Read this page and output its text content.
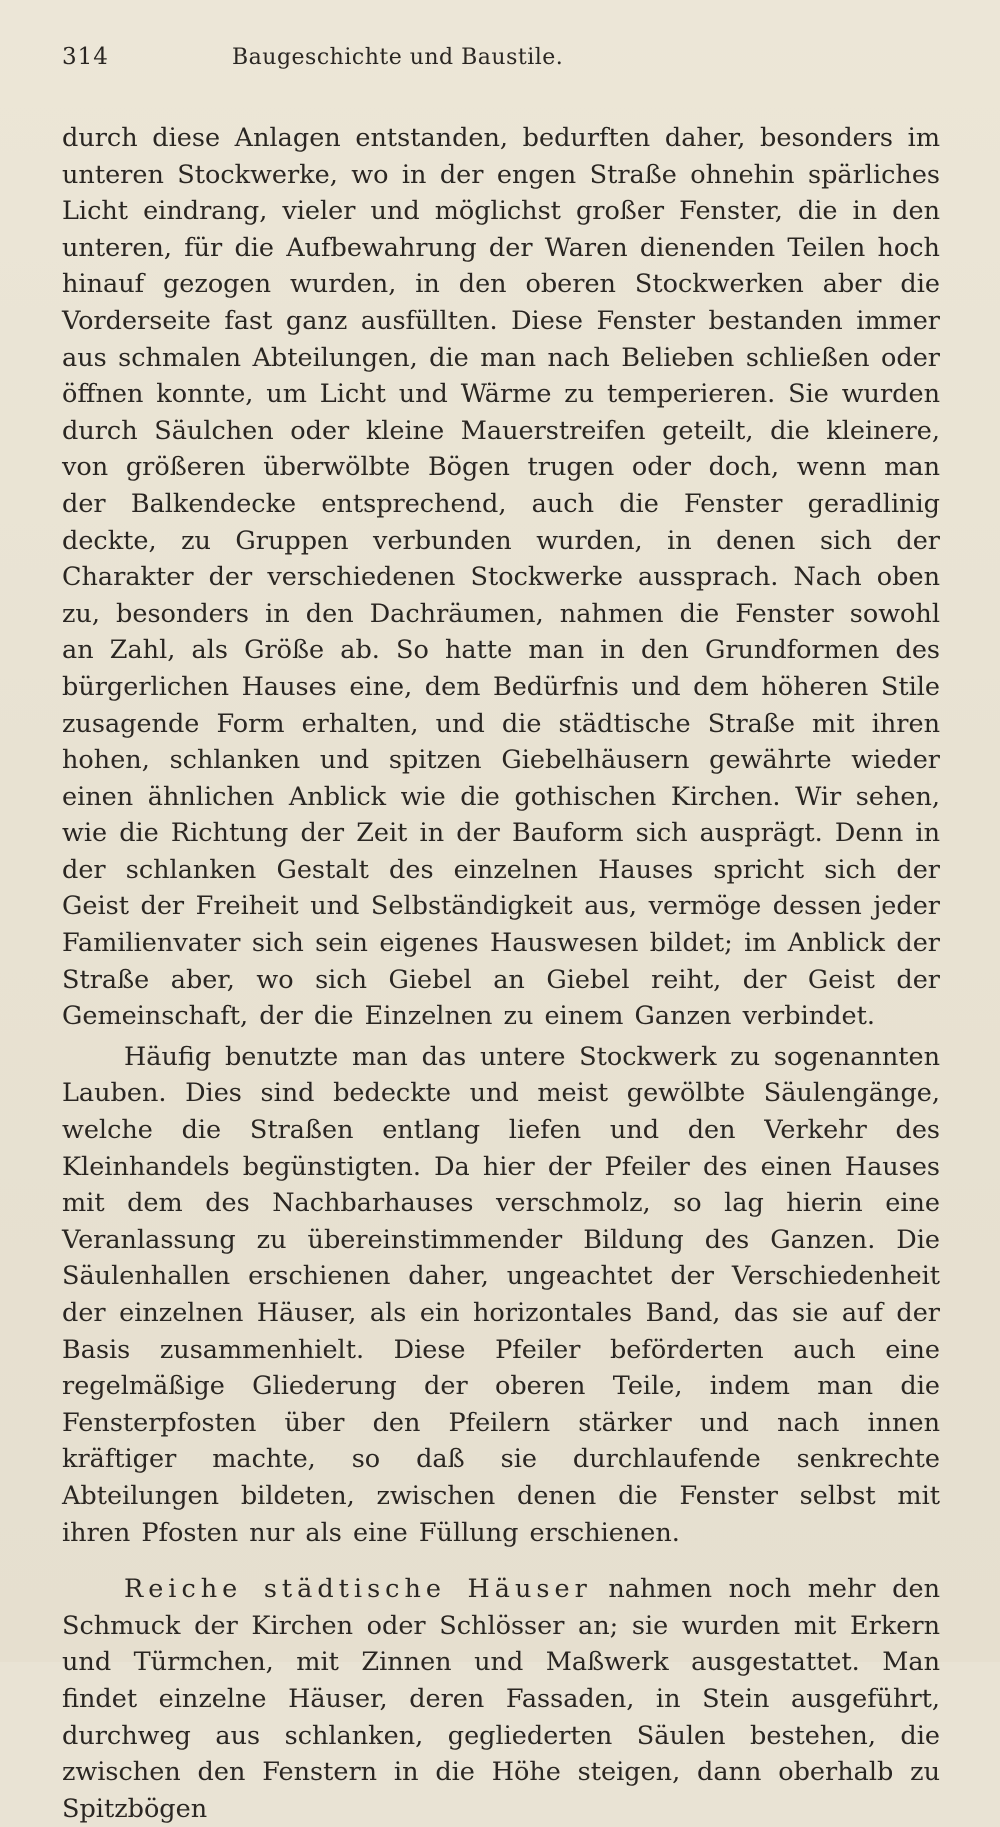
314	Baugeschichte und Baustile.

durch diese Anlagen entstanden, bedurften daher, besonders im unteren Stockwerke, wo in der engen Straße ohnehin spärliches Licht eindrang, vieler und möglichst großer Fenster, die in den unteren, für die Aufbewahrung der Waren dienenden Teilen hoch hinauf gezogen wurden, in den oberen Stockwerken aber die Vorderseite fast ganz ausfüllten. Diese Fenster bestanden immer aus schmalen Abteilungen, die man nach Belieben schließen oder öffnen konnte, um Licht und Wärme zu temperieren. Sie wurden durch Säulchen oder kleine Mauerstreifen geteilt, die kleinere, von größeren überwölbte Bögen trugen oder doch, wenn man der Balkendecke entsprechend, auch die Fenster geradlinig deckte, zu Gruppen verbunden wurden, in denen sich der Charakter der verschiedenen Stockwerke aussprach. Nach oben zu, besonders in den Dachräumen, nahmen die Fenster sowohl an Zahl, als Größe ab. So hatte man in den Grundformen des bürgerlichen Hauses eine, dem Bedürfnis und dem höheren Stile zusagende Form erhalten, und die städtische Straße mit ihren hohen, schlanken und spitzen Giebelhäusern gewährte wieder einen ähnlichen Anblick wie die gothischen Kirchen. Wir sehen, wie die Richtung der Zeit in der Bauform sich ausprägt. Denn in der schlanken Gestalt des einzelnen Hauses spricht sich der Geist der Freiheit und Selbständigkeit aus, vermöge dessen jeder Familienvater sich sein eigenes Hauswesen bildet; im Anblick der Straße aber, wo sich Giebel an Giebel reiht, der Geist der Gemeinschaft, der die Einzelnen zu einem Ganzen verbindet.

Häufig benutzte man das untere Stockwerk zu sogenannten Lauben. Dies sind bedeckte und meist gewölbte Säulengänge, welche die Straßen entlang liefen und den Verkehr des Kleinhandels begünstigten. Da hier der Pfeiler des einen Hauses mit dem des Nachbarhauses verschmolz, so lag hierin eine Veranlassung zu übereinstimmender Bildung des Ganzen. Die Säulenhallen erschienen daher, ungeachtet der Verschiedenheit der einzelnen Häuser, als ein horizontales Band, das sie auf der Basis zusammenhielt. Diese Pfeiler beförderten auch eine regelmäßige Gliederung der oberen Teile, indem man die Fensterpfosten über den Pfeilern stärker und nach innen kräftiger machte, so daß sie durchlaufende senkrechte Abteilungen bildeten, zwischen denen die Fenster selbst mit ihren Pfosten nur als eine Füllung erschienen.

Reiche städtische Häuser nahmen noch mehr den Schmuck der Kirchen oder Schlösser an; sie wurden mit Erkern und Türmchen, mit Zinnen und Maßwerk ausgestattet. Man findet einzelne Häuser, deren Fassaden, in Stein ausgeführt, durchweg aus schlanken, gegliederten Säulen bestehen, die zwischen den Fenstern in die Höhe steigen, dann oberhalb zu Spitzbögen
